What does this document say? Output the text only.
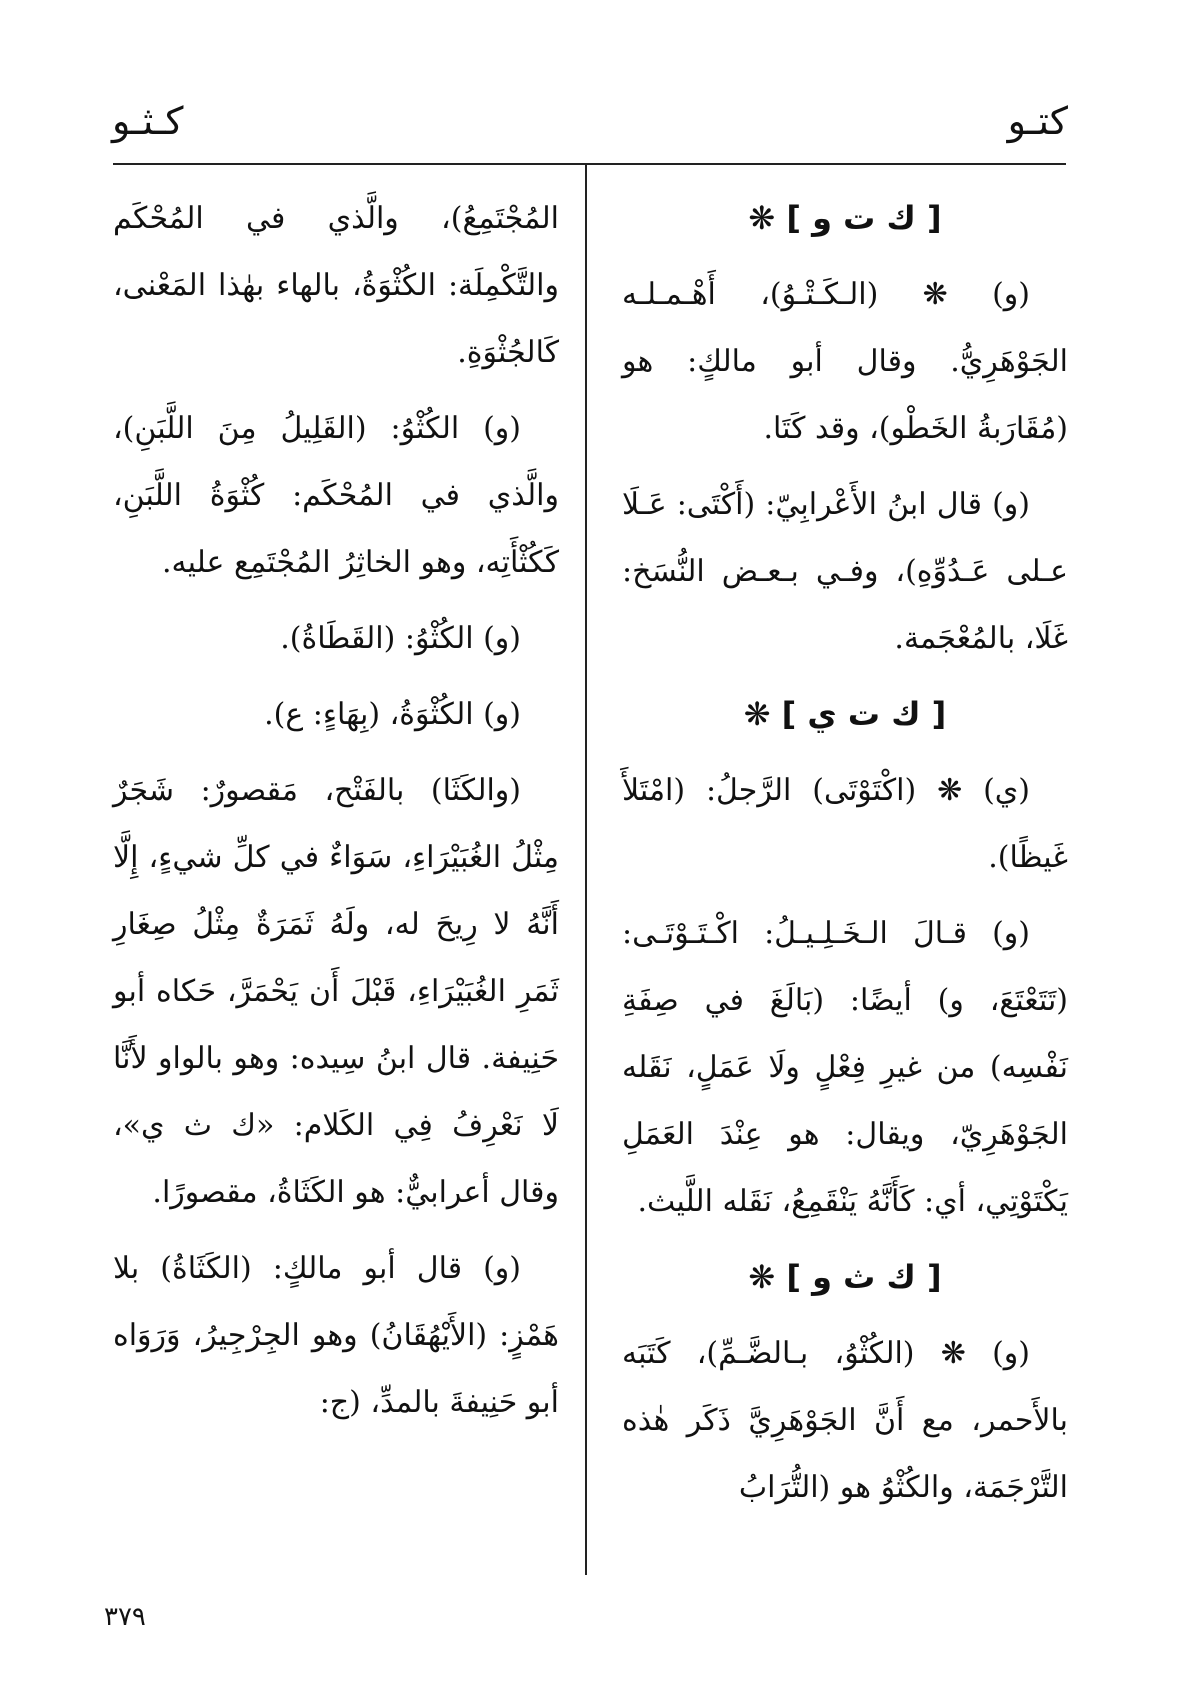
كتـو
كـثـو
[ ك ت و ] ❋
(و) ❋ (الـكَـتْـوُ)، أَهْـمـلـه الجَوْهَرِيُّ. وقال أبو مالكٍ: هو (مُقَارَبةُ الخَطْو)، وقد كَتَا.
(و) قال ابنُ الأَعْرابِيّ: (أَكْتَى: عَـلَا عـلى عَـدُوِّهِ)، وفـي بـعـض النُّسَخ: غَلَا، بالمُعْجَمة.
[ ك ت ي ] ❋
(ي) ❋ (اكْتَوْتَى) الرَّجلُ: (امْتَلأَ غَيظًا).
(و) قـالَ الـخَـلِـيـلُ: اكْـتَـوْتَـى: (تَتَعْتَعَ، و) أيضًا: (بَالَغَ في صِفَةِ نَفْسِه) من غيرِ فِعْلٍ ولَا عَمَلٍ، نَقَله الجَوْهَرِيّ، ويقال: هو عِنْدَ العَمَلِ يَكْتَوْتِي، أي: كَأَنَّهُ يَنْقَمِعُ، نَقَله اللَّيث.
[ ك ث و ] ❋
(و) ❋ (الكُثْوُ، بـالضَّـمِّ)، كَتَبَه بالأَحمر، مع أَنَّ الجَوْهَرِيَّ ذَكَر هٰذه التَّرْجَمَة، والكُثْوُ هو (التُّرَابُ
المُجْتَمِعُ)، والَّذي في المُحْكَم والتَّكْمِلَة: الكُثْوَةُ، بالهاء بهٰذا المَعْنى، كَالجُثْوَةِ.
(و) الكُثْوُ: (القَلِيلُ مِنَ اللَّبَنِ)، والَّذي في المُحْكَم: كُثْوَةُ اللَّبَنِ، كَكُثْأَتِه، وهو الخاثِرُ المُجْتَمِع عليه.
(و) الكُثْوُ: (القَطَاةُ).
(و) الكُثْوَةُ، (بِهَاءٍ: ع).
(والكَثَا) بالفَتْح، مَقصورٌ: شَجَرٌ مِثْلُ الغُبَيْرَاءِ، سَوَاءٌ في كلِّ شيءٍ، إِلَّا أَنَّهُ لا رِيحَ له، ولَهُ ثَمَرَةٌ مِثْلُ صِغَارِ ثَمَرِ الغُبَيْرَاءِ، قَبْلَ أَن يَحْمَرَّ، حَكاه أبو حَنِيفة. قال ابنُ سِيده: وهو بالواو لأَنَّا لَا نَعْرِفُ فِي الكَلام: «ك ث ي»، وقال أعرابيٌّ: هو الكَثَاةُ، مقصورًا.
(و) قال أبو مالكٍ: (الكَثَاةُ) بلا هَمْزٍ: (الأَيْهُقَانُ) وهو الجِرْجِيرُ، وَرَوَاه أبو حَنِيفةَ بالمدِّ، (ج:
٣٧٩
